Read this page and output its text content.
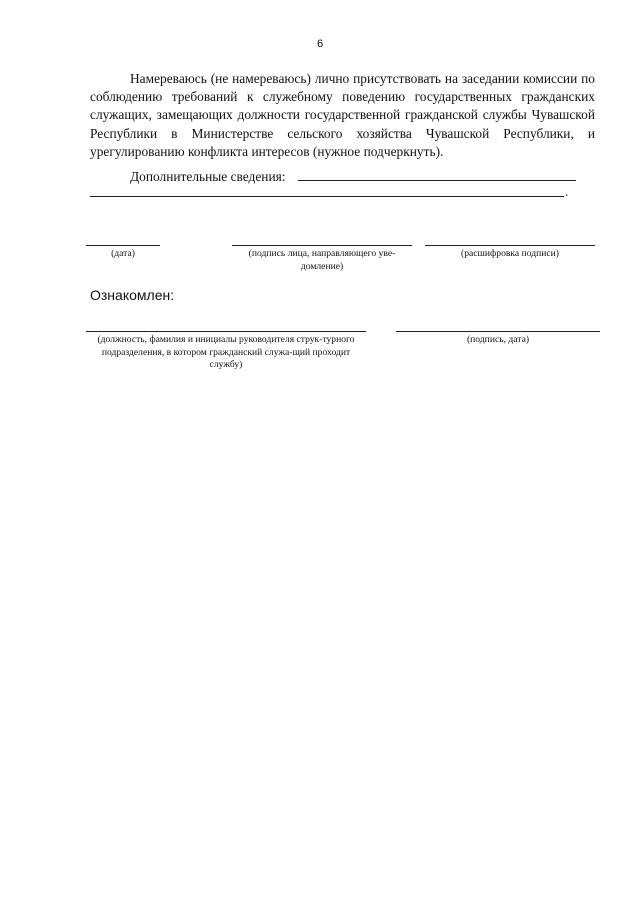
6
Намереваюсь (не намереваюсь) лично присутствовать на заседании комиссии по соблюдению требований к служебному поведению государственных гражданских служащих, замещающих должности государственной гражданской службы Чувашской Республики в Министерстве сельского хозяйства Чувашской Республики, и урегулированию конфликта интересов (нужное подчеркнуть).
Дополнительные сведения:
.
(дата)	(подпись лица, направляющего уве-домление)
(расшифровка подписи)
Ознакомлен:
(должность, фамилия и инициалы руководителя струк-турного подразделения, в котором гражданский служа-щий проходит службу)
(подпись, дата)
